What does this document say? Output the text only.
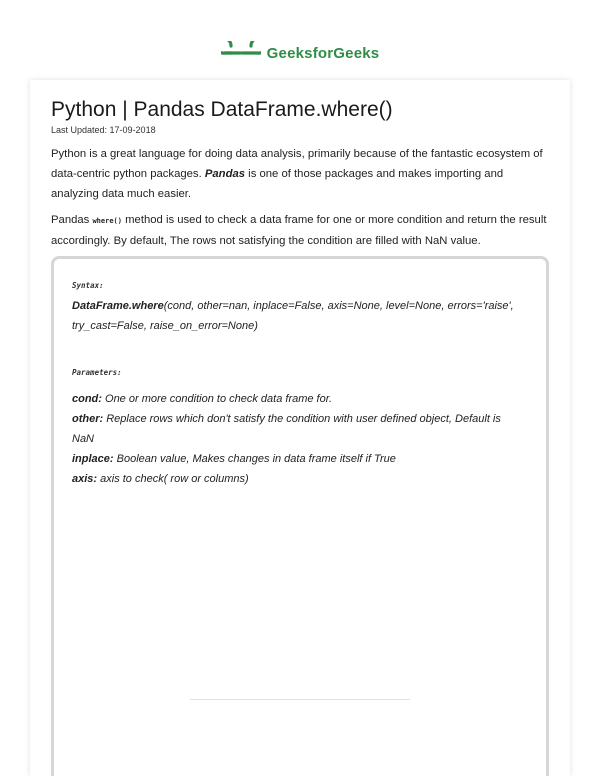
GeeksforGeeks
Python | Pandas DataFrame.where()
Last Updated: 17-09-2018
Python is a great language for doing data analysis, primarily because of the fantastic ecosystem of data-centric python packages. Pandas is one of those packages and makes importing and analyzing data much easier.
Pandas where() method is used to check a data frame for one or more condition and return the result accordingly. By default, The rows not satisfying the condition are filled with NaN value.
Syntax:
DataFrame.where(cond, other=nan, inplace=False, axis=None, level=None, errors='raise', try_cast=False, raise_on_error=None)
Parameters:
cond: One or more condition to check data frame for.
other: Replace rows which don't satisfy the condition with user defined object, Default is NaN
inplace: Boolean value, Makes changes in data frame itself if True
axis: axis to check( row or columns)
